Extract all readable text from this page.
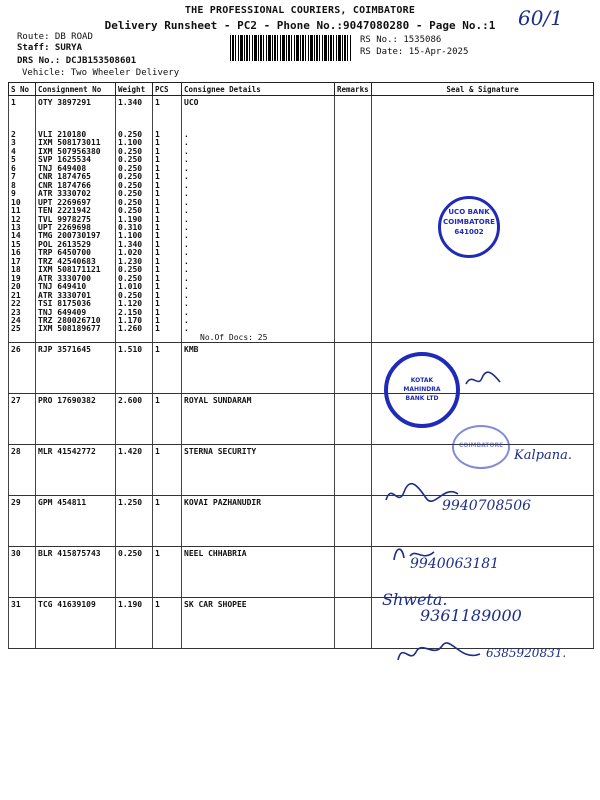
THE PROFESSIONAL COURIERS, COIMBATORE
Delivery Runsheet - PC2 - Phone No.:9047080280 - Page No.:1	60/1
Route: DB ROAD
Staff: SURYA
DRS No.: DCJB153508601
Vehicle: Two Wheeler Delivery
RS No.: 1535086
RS Date: 15-Apr-2025
S No	Consignment No	Weight	PCS	Consignee Details	Remarks	Seal & Signature
1	OTY 3897291	1.340	1	UCO		
2	VLI 210180	0.250	1	.		
3	IXM 508173011	1.100	1	.		
4	IXM 507956380	0.250	1	.		
5	SVP 1625534	0.250	1	.		
6	TNJ 649408	0.250	1	.		
7	CNR 1874765	0.250	1	.		
8	CNR 1874766	0.250	1	.		
9	ATR 3330702	0.250	1	.		
10	UPT 2269697	0.250	1	.		
11	TEN 2221942	0.250	1	.		
12	TVL 9978275	1.190	1	.		
13	UPT 2269698	0.310	1	.		
14	TMG 200730197	1.100	1	.		
15	POL 2613529	1.340	1	.		
16	TRP 6450700	1.020	1	.		
17	TRZ 42540683	1.230	1	.		
18	IXM 508171121	0.250	1	.		
19	ATR 3330700	0.250	1	.		
20	TNJ 649410	1.010	1	.		
21	ATR 3330701	0.250	1	.		
22	TSI 8175036	1.120	1	.		
23	TNJ 649409	2.150	1	.		
24	TRZ 280026710	1.170	1	.		
25	IXM 508189677	1.260	1	.		
				No.Of Docs: 25		
26	RJP 3571645	1.510	1	KMB		
27	PRO 17690382	2.600	1	ROYAL SUNDARAM		
28	MLR 41542772	1.420	1	STERNA SECURITY		
29	GPM 454811	1.250	1	KOVAI PAZHANUDIR		
30	BLR 415875743	0.250	1	NEEL CHHABRIA		
31	TCG 41639109	1.190	1	SK CAR SHOPEE		
UCO BANK
COIMBATORE
641002
KOTAK
MAHINDRA
BANK LTD
COIMBATORE
Kalpana.
9940708506
9940063181
Shweta.
9361189000
6385920831.
